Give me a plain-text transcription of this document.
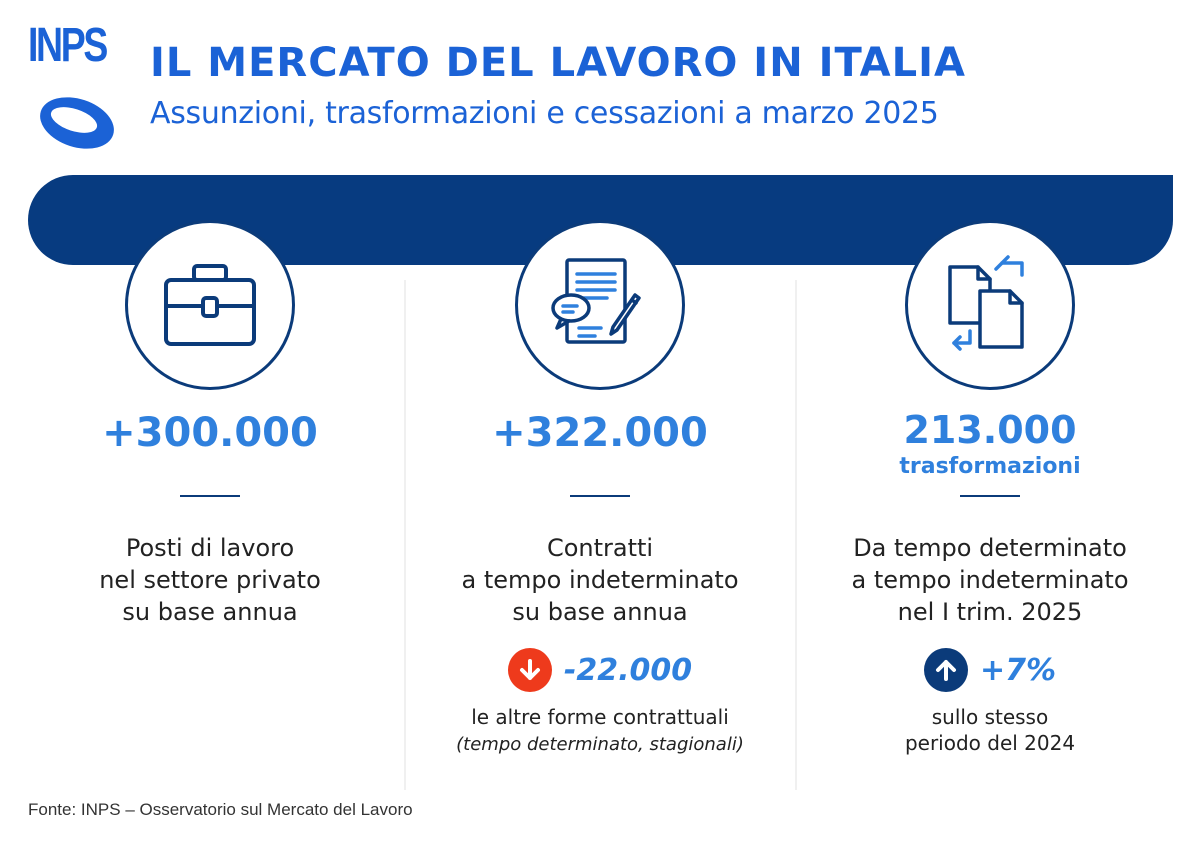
INPS IL MERCATO DEL LAVORO IN ITALIA
Assunzioni, trasformazioni e cessazioni a marzo 2025
+300.000
Posti di lavoro
nel settore privato
su base annua
+322.000
Contratti
a tempo indeterminato
su base annua
-22.000
le altre forme contrattuali
(tempo determinato, stagionali)
213.000
trasformazioni
Da tempo determinato
a tempo indeterminato
nel I trim. 2025
+7%
sullo stesso
periodo del 2024
Fonte: INPS – Osservatorio sul Mercato del Lavoro
